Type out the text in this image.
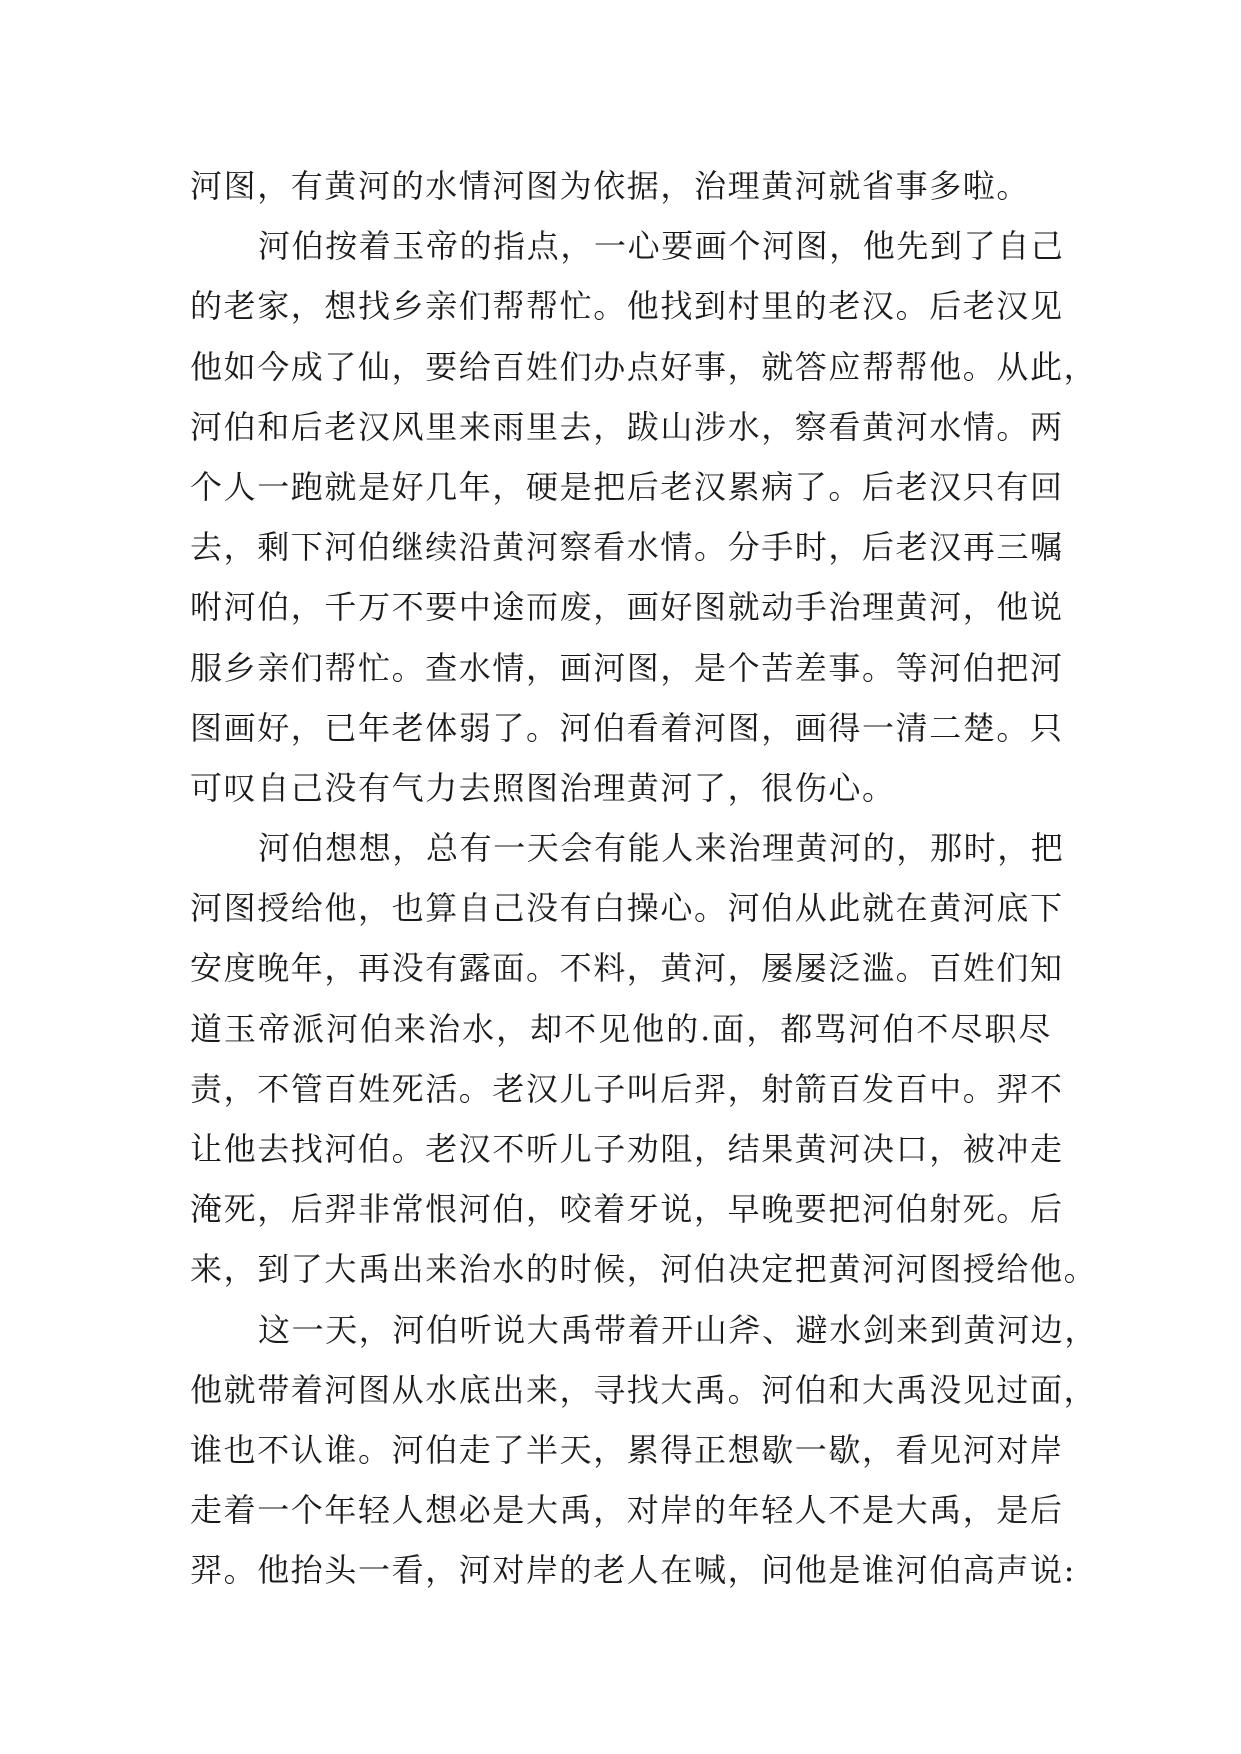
河图，有黄河的水情河图为依据，治理黄河就省事多啦。
河伯按着玉帝的指点，一心要画个河图，他先到了自己
的老家，想找乡亲们帮帮忙。他找到村里的老汉。后老汉见
他如今成了仙，要给百姓们办点好事，就答应帮帮他。从此，
河伯和后老汉风里来雨里去，跋山涉水，察看黄河水情。两
个人一跑就是好几年，硬是把后老汉累病了。后老汉只有回
去，剩下河伯继续沿黄河察看水情。分手时，后老汉再三嘱
咐河伯，千万不要中途而废，画好图就动手治理黄河，他说
服乡亲们帮忙。查水情，画河图，是个苦差事。等河伯把河
图画好，已年老体弱了。河伯看着河图，画得一清二楚。只
可叹自己没有气力去照图治理黄河了，很伤心。
河伯想想，总有一天会有能人来治理黄河的，那时，把
河图授给他，也算自己没有白操心。河伯从此就在黄河底下
安度晚年，再没有露面。不料，黄河，屡屡泛滥。百姓们知
道玉帝派河伯来治水，却不见他的.面，都骂河伯不尽职尽
责，不管百姓死活。老汉儿子叫后羿，射箭百发百中。羿不
让他去找河伯。老汉不听儿子劝阻，结果黄河决口，被冲走
淹死，后羿非常恨河伯，咬着牙说，早晚要把河伯射死。后
来，到了大禹出来治水的时候，河伯决定把黄河河图授给他。
这一天，河伯听说大禹带着开山斧、避水剑来到黄河边，
他就带着河图从水底出来，寻找大禹。河伯和大禹没见过面，
谁也不认谁。河伯走了半天，累得正想歇一歇，看见河对岸
走着一个年轻人想必是大禹，对岸的年轻人不是大禹，是后
羿。他抬头一看，河对岸的老人在喊，问他是谁河伯高声说:
